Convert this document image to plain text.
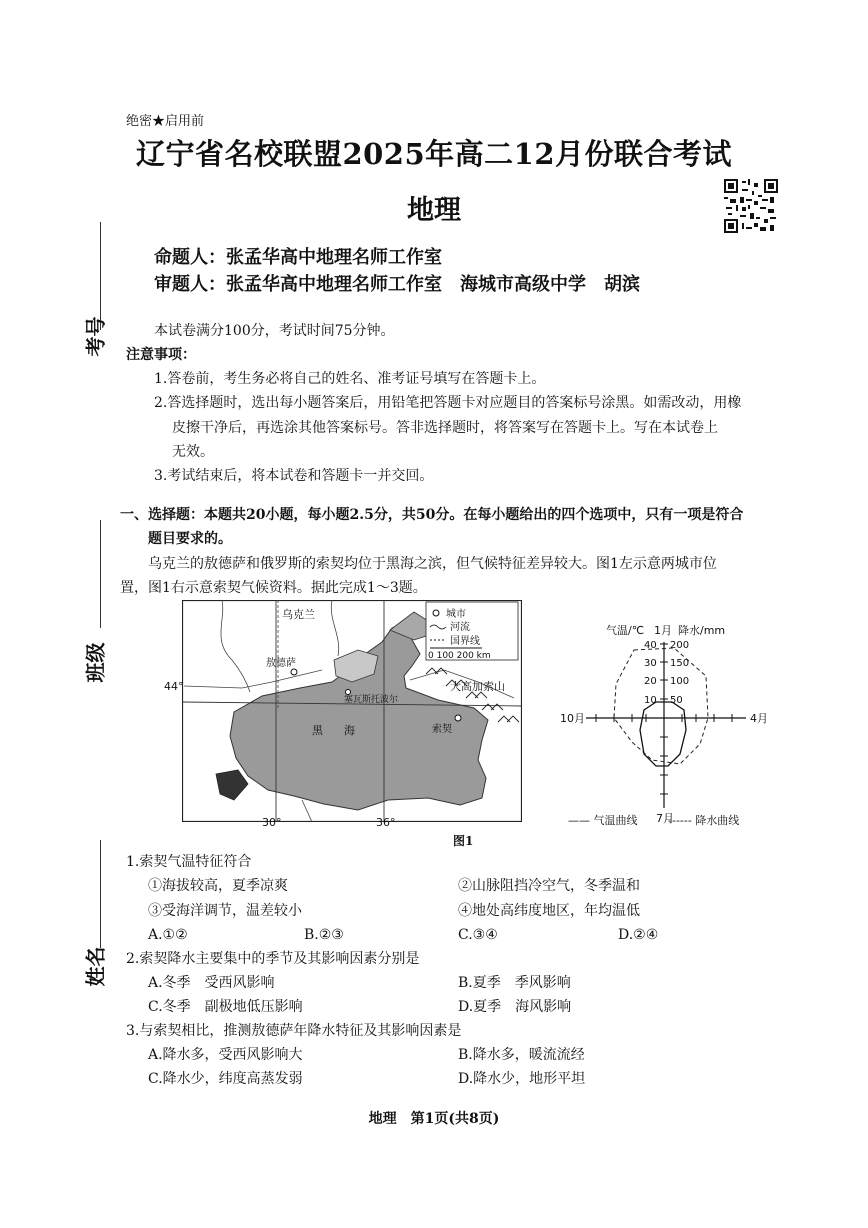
考号
班级
姓名
绝密★启用前
辽宁省名校联盟2025年高二12月份联合考试
地理
命题人：张孟华高中地理名师工作室
审题人：张孟华高中地理名师工作室　海城市高级中学　胡滨
本试卷满分100分，考试时间75分钟。
注意事项：
1.答卷前，考生务必将自己的姓名、准考证号填写在答题卡上。
2.答选择题时，选出每小题答案后，用铅笔把答题卡对应题目的答案标号涂黑。如需改动，用橡
皮擦干净后，再选涂其他答案标号。答非选择题时，将答案写在答题卡上。写在本试卷上
无效。
3.考试结束后，将本试卷和答题卡一并交回。
一、选择题：本题共20小题，每小题2.5分，共50分。在每小题给出的四个选项中，只有一项是符合
题目要求的。
乌克兰的敖德萨和俄罗斯的索契均位于黑海之滨，但气候特征差异较大。图1左示意两城市位
置，图1右示意索契气候资料。据此完成1～3题。
乌克兰
敖德萨
塞瓦斯托波尔
黑 海	索契
大高加索山
城市
河流
国界线
0 100 200 km
30°	36°
44°
气温/℃ 1月 降水/mm
40
30
20
10
200
150
100
50
10月	4月
7月
—— 气温曲线	------ 降水曲线
图1
1.索契气温特征符合
①海拔较高，夏季凉爽	②山脉阻挡冷空气，冬季温和
③受海洋调节，温差较小	④地处高纬度地区，年均温低
A.①②	B.②③	C.③④	D.②④
2.索契降水主要集中的季节及其影响因素分别是
A.冬季　受西风影响	B.夏季　季风影响
C.冬季　副极地低压影响	D.夏季　海风影响
3.与索契相比，推测敖德萨年降水特征及其影响因素是
A.降水多，受西风影响大	B.降水多，暖流流经
C.降水少，纬度高蒸发弱	D.降水少，地形平坦
地理　第1页(共8页)
